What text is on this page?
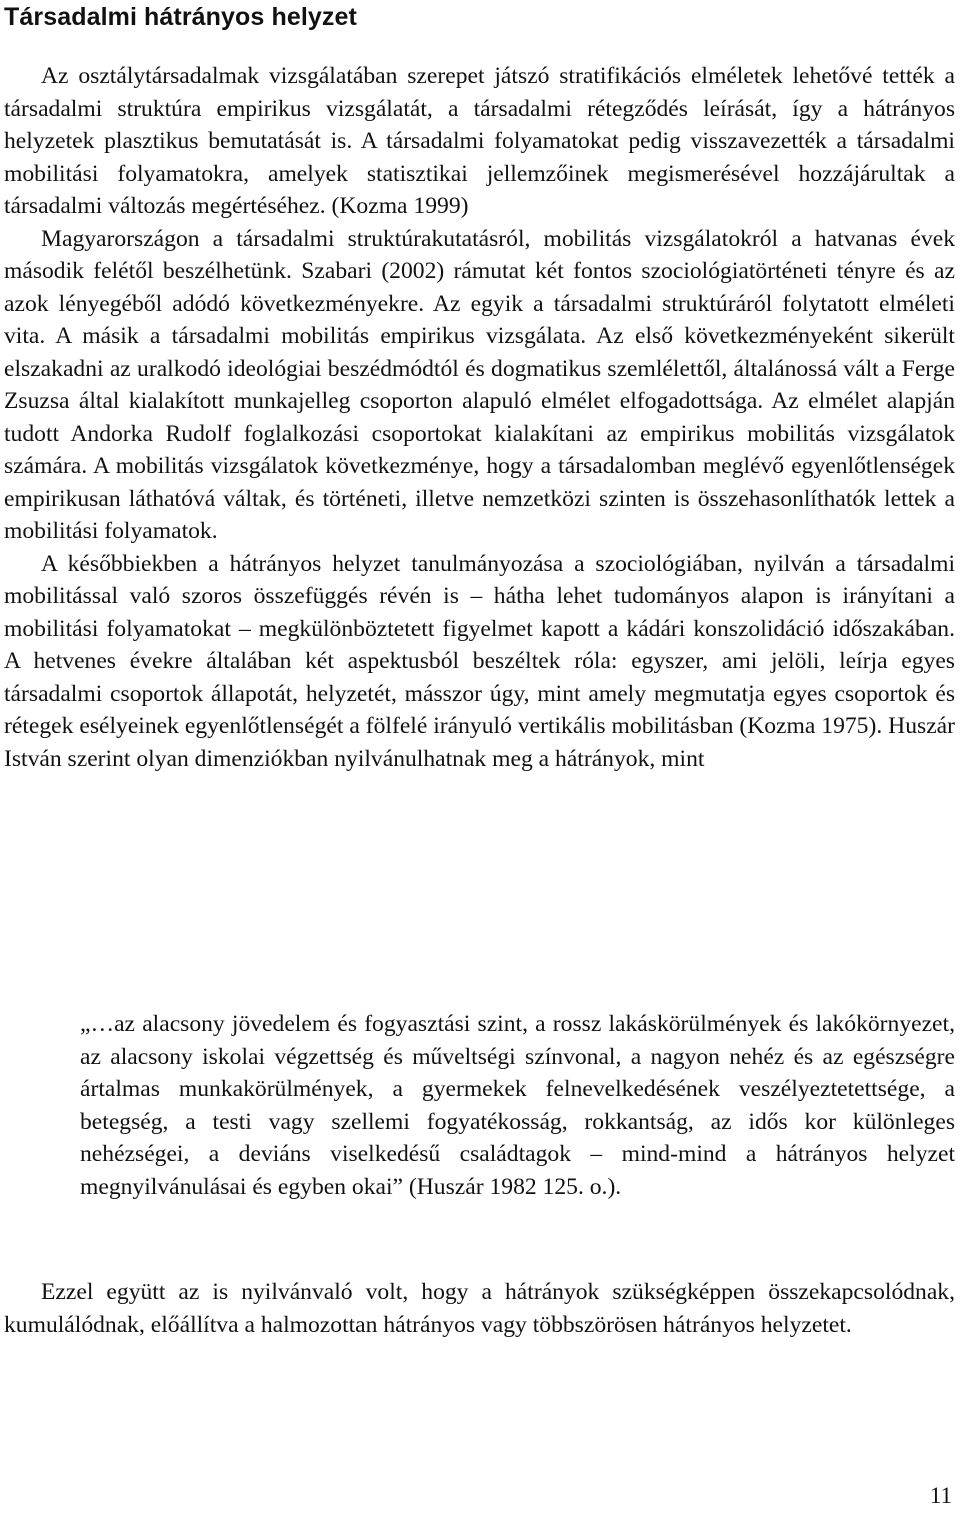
Társadalmi hátrányos helyzet

Az osztálytársadalmak vizsgálatában szerepet játszó stratifikációs elméletek lehetővé tették a társadalmi struktúra empirikus vizsgálatát, a társadalmi rétegződés leírását, így a hátrányos helyzetek plasztikus bemutatását is. A társadalmi folyamatokat pedig visszavezették a társadalmi mobilitási folyamatokra, amelyek statisztikai jellemzőinek megismerésével hozzájárultak a társadalmi változás megértéséhez. (Kozma 1999)

Magyarországon a társadalmi struktúrakutatásról, mobilitás vizsgálatokról a hatvanas évek második felétől beszélhetünk. Szabari (2002) rámutat két fontos szociológiatörténeti tényre és az azok lényegéből adódó következményekre. Az egyik a társadalmi struktúráról folytatott elméleti vita. A másik a társadalmi mobilitás empirikus vizsgálata. Az első következményeként sikerült elszakadni az uralkodó ideológiai beszédmódtól és dogmatikus szemlélettől, általánossá vált a Ferge Zsuzsa által kialakított munkajelleg csoporton alapuló elmélet elfogadottsága. Az elmélet alapján tudott Andorka Rudolf foglalkozási csoportokat kialakítani az empirikus mobilitás vizsgálatok számára. A mobilitás vizsgálatok következménye, hogy a társadalomban meglévő egyenlőtlenségek empirikusan láthatóvá váltak, és történeti, illetve nemzetközi szinten is összehasonlíthatók lettek a mobilitási folyamatok.

A későbbiekben a hátrányos helyzet tanulmányozása a szociológiában, nyilván a társadalmi mobilitással való szoros összefüggés révén is – hátha lehet tudományos alapon is irányítani a mobilitási folyamatokat – megkülönböztetett figyelmet kapott a kádári konszolidáció időszakában. A hetvenes évekre általában két aspektusból beszéltek róla: egyszer, ami jelöli, leírja egyes társadalmi csoportok állapotát, helyzetét, másszor úgy, mint amely megmutatja egyes csoportok és rétegek esélyeinek egyenlőtlenségét a fölfelé irányuló vertikális mobilitásban (Kozma 1975). Huszár István szerint olyan dimenziókban nyilvánulhatnak meg a hátrányok, mint

„…az alacsony jövedelem és fogyasztási szint, a rossz lakáskörülmények és lakókörnyezet, az alacsony iskolai végzettség és műveltségi színvonal, a nagyon nehéz és az egészségre ártalmas munkakörülmények, a gyermekek felnevelkedésének veszélyeztetettsége, a betegség, a testi vagy szellemi fogyatékosság, rokkantság, az idős kor különleges nehézségei, a deviáns viselkedésű családtagok – mind-mind a hátrányos helyzet megnyilvánulásai és egyben okai” (Huszár 1982 125. o.).

Ezzel együtt az is nyilvánvaló volt, hogy a hátrányok szükségképpen összekapcsolódnak, kumulálódnak, előállítva a halmozottan hátrányos vagy többszörösen hátrányos helyzetet.

11
